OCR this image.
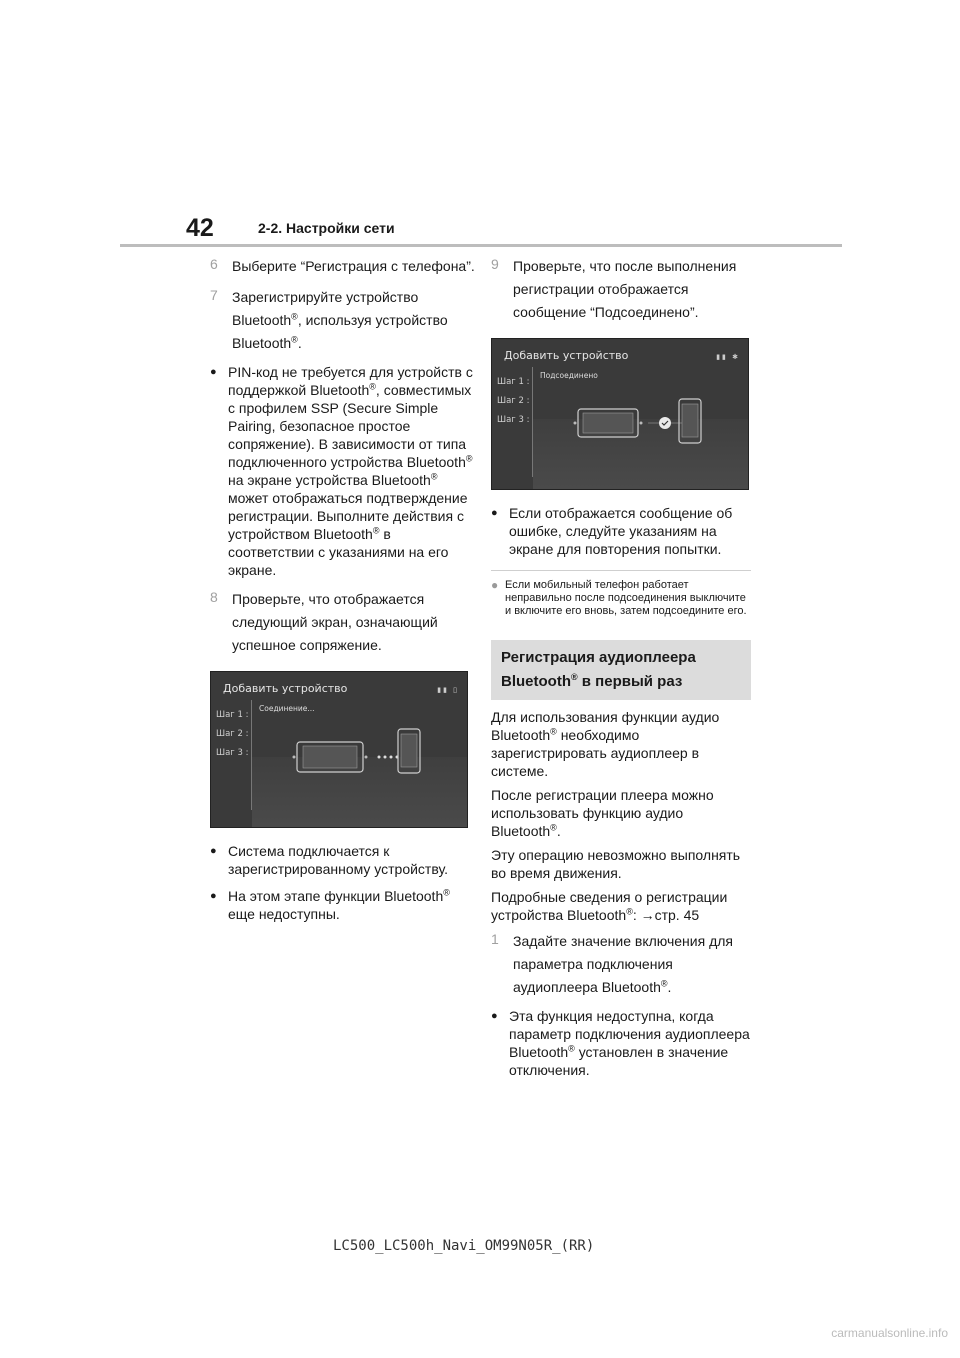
42	2-2. Настройки сети
6	Выберите “Регистрация с телефона”.
7	Зарегистрируйте устройство Bluetooth®, используя устройство Bluetooth®.
● PIN-код не требуется для устройств с поддержкой Bluetooth®, совместимых с профилем SSP (Secure Simple Pairing, безопасное простое сопряжение). В зависимости от типа подключенного устройства Bluetooth® на экране устройства Bluetooth® может отображаться подтверждение регистрации. Выполните действия с устройством Bluetooth® в соответствии с указаниями на его экране.
8	Проверьте, что отображается следующий экран, означающий успешное сопряжение.
Добавить устройство	▮▮ ▯
Соединение...
Шаг 1 :
Шаг 2 :
Шаг 3 :
● Система подключается к зарегистрированному устройству.
● На этом этапе функции Bluetooth® еще недоступны.
9	Проверьте, что после выполнения регистрации отображается сообщение “Подсоединено”.
Добавить устройство	▮▮ ✱
Подсоединено
Шаг 1 :
Шаг 2 :
Шаг 3 :
● Если отображается сообщение об ошибке, следуйте указаниям на экране для повторения попытки.
● Если мобильный телефон работает неправильно после подсоединения выключите и включите его вновь, затем подсоедините его.
Регистрация аудиоплеера Bluetooth® в первый раз

Для использования функции аудио Bluetooth® необходимо зарегистрировать аудиоплеер в системе.

После регистрации плеера можно использовать функцию аудио Bluetooth®.

Эту операцию невозможно выполнять во время движения.

Подробные сведения о регистрации устройства Bluetooth®: →стр. 45

1	Задайте значение включения для параметра подключения аудиоплеера Bluetooth®.
● Эта функция недоступна, когда параметр подключения аудиоплеера Bluetooth® установлен в значение отключения.
LC500_LC500h_Navi_OM99N05R_(RR)
carmanualsonline.info
